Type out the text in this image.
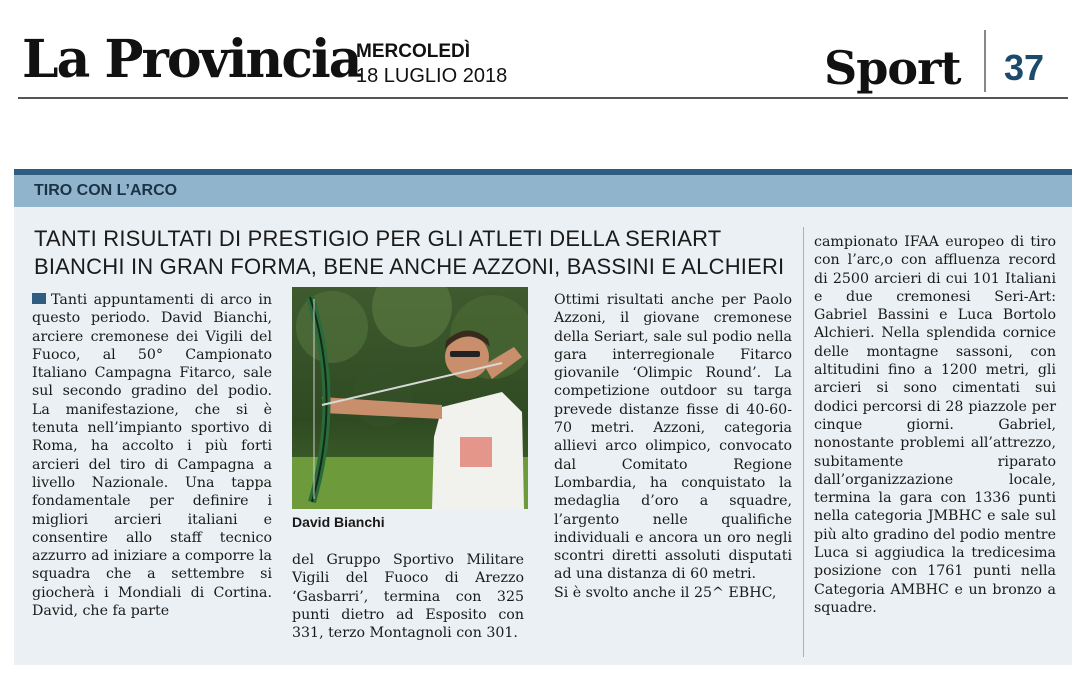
La Provincia
MERCOLEDÌ
18 LUGLIO 2018	Sport 37
TIRO CON L’ARCO
TANTI RISULTATI DI PRESTIGIO PER GLI ATLETI DELLA SERIART
BIANCHI IN GRAN FORMA, BENE ANCHE AZZONI, BASSINI E ALCHIERI

Tanti appuntamenti di arco in questo periodo. David Bianchi, arciere cremonese dei Vigili del Fuoco, al 50° Campionato Italiano Campagna Fitarco, sale sul secondo gradino del podio. La manifestazione, che si è tenuta nell’impianto sportivo di Roma, ha accolto i più forti arcieri del tiro di Campagna a livello Nazionale. Una tappa fondamentale per definire i migliori arcieri italiani e consentire allo staff tecnico azzurro ad iniziare a comporre la squadra che a settembre si giocherà i Mondiali di Cortina. David, che fa parte

David Bianchi

del Gruppo Sportivo Militare Vigili del Fuoco di Arezzo ‘Gasbarri’, termina con 325 punti dietro ad Esposito con 331, terzo Montagnoli con 301.

Ottimi risultati anche per Paolo Azzoni, il giovane cremonese della Seriart, sale sul podio nella gara interregionale Fitarco giovanile ‘Olimpic Round’. La competizione outdoor su targa prevede distanze fisse di 40-60-70 metri. Azzoni, categoria allievi arco olimpico, convocato dal Comitato Regione Lombardia, ha conquistato la medaglia d’oro a squadre, l’argento nelle qualifiche individuali e ancora un oro negli scontri diretti assoluti disputati ad una distanza di 60 metri.

Si è svolto anche il 25^ EBHC,

campionato IFAA europeo di tiro con l’arc,o con affluenza record di 2500 arcieri di cui 101 Italiani e due cremonesi Seri-Art: Gabriel Bassini e Luca Bortolo Alchieri. Nella splendida cornice delle montagne sassoni, con altitudini fino a 1200 metri, gli arcieri si sono cimentati sui dodici percorsi di 28 piazzole per cinque giorni. Gabriel, nonostante problemi all’attrezzo, subitamente riparato dall’organizzazione locale, termina la gara con 1336 punti nella categoria JMBHC e sale sul più alto gradino del podio mentre Luca si aggiudica la tredicesima posizione con 1761 punti nella Categoria AMBHC e un bronzo a squadre.
